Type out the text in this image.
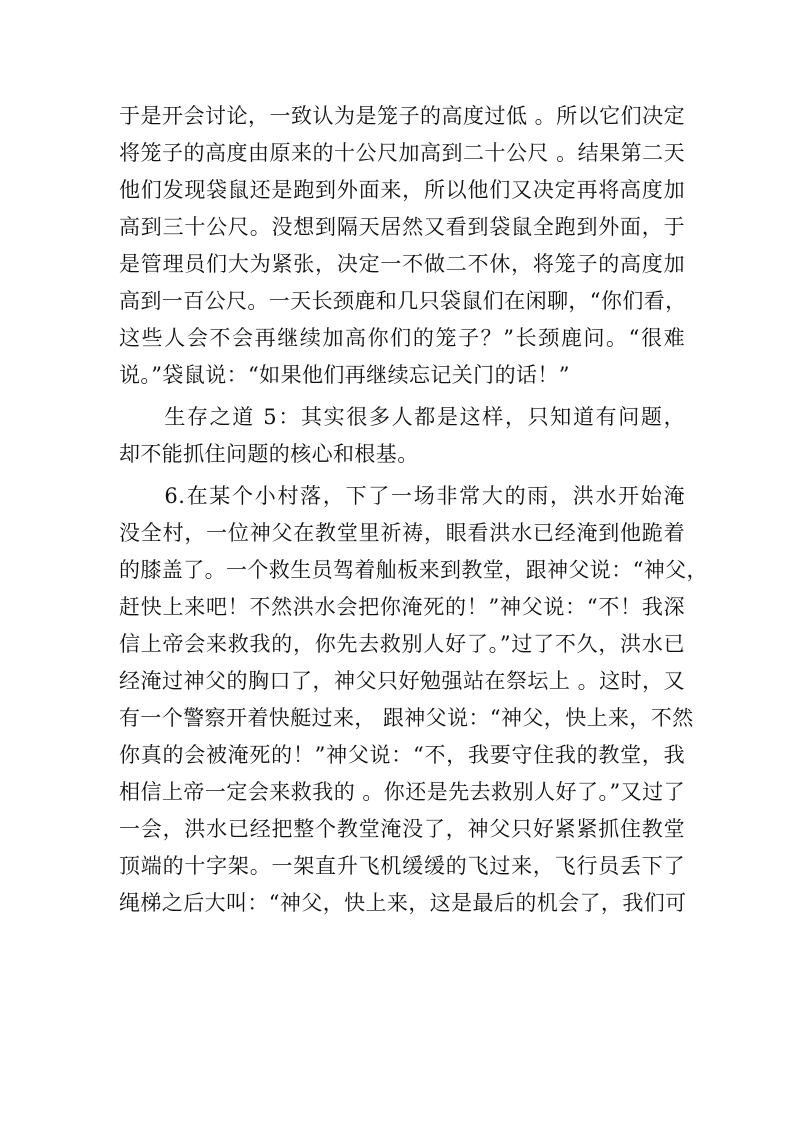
于是开会讨论，一致认为是笼子的高度过低 。所以它们决定
将笼子的高度由原来的十公尺加高到二十公尺 。结果第二天
他们发现袋鼠还是跑到外面来，所以他们又决定再将高度加
高到三十公尺。没想到隔天居然又看到袋鼠全跑到外面，于
是管理员们大为紧张，决定一不做二不休，将笼子的高度加
高到一百公尺。一天长颈鹿和几只袋鼠们在闲聊，“你们看，
这些人会不会再继续加高你们的笼子？”长颈鹿问。“很难
说。”袋鼠说：“如果他们再继续忘记关门的话！”
　　生存之道 5：其实很多人都是这样，只知道有问题，
却不能抓住问题的核心和根基。
　　6.在某个小村落，下了一场非常大的雨，洪水开始淹
没全村，一位神父在教堂里祈祷，眼看洪水已经淹到他跪着
的膝盖了。一个救生员驾着舢板来到教堂，跟神父说：“神父，
赶快上来吧！不然洪水会把你淹死的！”神父说：“不！我深
信上帝会来救我的，你先去救别人好了。”过了不久，洪水已
经淹过神父的胸口了，神父只好勉强站在祭坛上 。这时，又
有一个警察开着快艇过来， 跟神父说：“神父，快上来，不然
你真的会被淹死的！”神父说：“不，我要守住我的教堂，我
相信上帝一定会来救我的 。你还是先去救别人好了。”又过了
一会，洪水已经把整个教堂淹没了，神父只好紧紧抓住教堂
顶端的十字架。一架直升飞机缓缓的飞过来，飞行员丢下了
绳梯之后大叫：“神父，快上来，这是最后的机会了，我们可
